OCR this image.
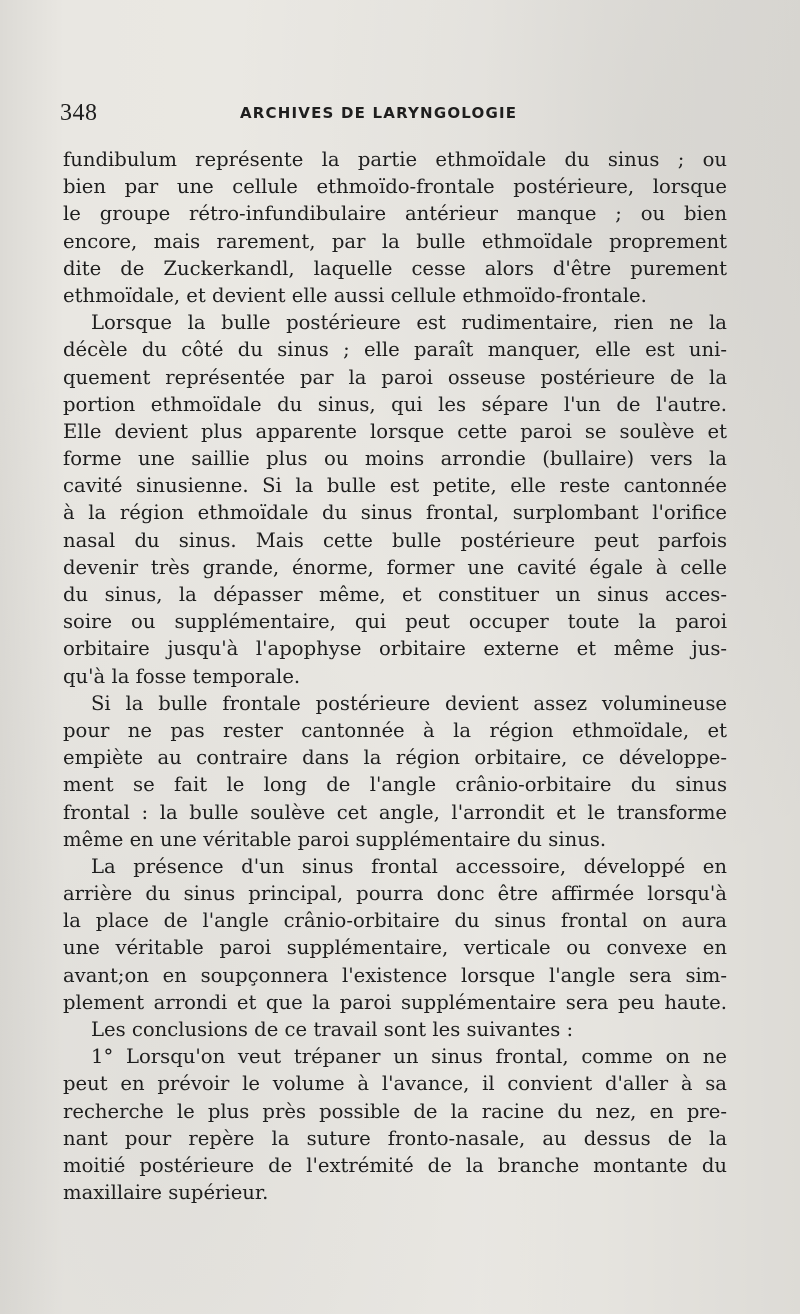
348	ARCHIVES DE LARYNGOLOGIE
fundibulum représente la partie ethmoïdale du sinus ; ou
bien par une cellule ethmoïdo-frontale postérieure, lorsque
le groupe rétro-infundibulaire antérieur manque ; ou bien
encore, mais rarement, par la bulle ethmoïdale proprement
dite de Zuckerkandl, laquelle cesse alors d'être purement
ethmoïdale, et devient elle aussi cellule ethmoïdo-frontale.
Lorsque la bulle postérieure est rudimentaire, rien ne la
décèle du côté du sinus ; elle paraît manquer, elle est uni-
quement représentée par la paroi osseuse postérieure de la
portion ethmoïdale du sinus, qui les sépare l'un de l'autre.
Elle devient plus apparente lorsque cette paroi se soulève et
forme une saillie plus ou moins arrondie (bullaire) vers la
cavité sinusienne. Si la bulle est petite, elle reste cantonnée
à la région ethmoïdale du sinus frontal, surplombant l'orifice
nasal du sinus. Mais cette bulle postérieure peut parfois
devenir très grande, énorme, former une cavité égale à celle
du sinus, la dépasser même, et constituer un sinus acces-
soire ou supplémentaire, qui peut occuper toute la paroi
orbitaire jusqu'à l'apophyse orbitaire externe et même jus-
qu'à la fosse temporale.
Si la bulle frontale postérieure devient assez volumineuse
pour ne pas rester cantonnée à la région ethmoïdale, et
empiète au contraire dans la région orbitaire, ce développe-
ment se fait le long de l'angle crânio-orbitaire du sinus
frontal : la bulle soulève cet angle, l'arrondit et le transforme
même en une véritable paroi supplémentaire du sinus.
La présence d'un sinus frontal accessoire, développé en
arrière du sinus principal, pourra donc être affirmée lorsqu'à
la place de l'angle crânio-orbitaire du sinus frontal on aura
une véritable paroi supplémentaire, verticale ou convexe en
avant;on en soupçonnera l'existence lorsque l'angle sera sim-
plement arrondi et que la paroi supplémentaire sera peu haute.
Les conclusions de ce travail sont les suivantes :
1° Lorsqu'on veut trépaner un sinus frontal, comme on ne
peut en prévoir le volume à l'avance, il convient d'aller à sa
recherche le plus près possible de la racine du nez, en pre-
nant pour repère la suture fronto-nasale, au dessus de la
moitié postérieure de l'extrémité de la branche montante du
maxillaire supérieur.
